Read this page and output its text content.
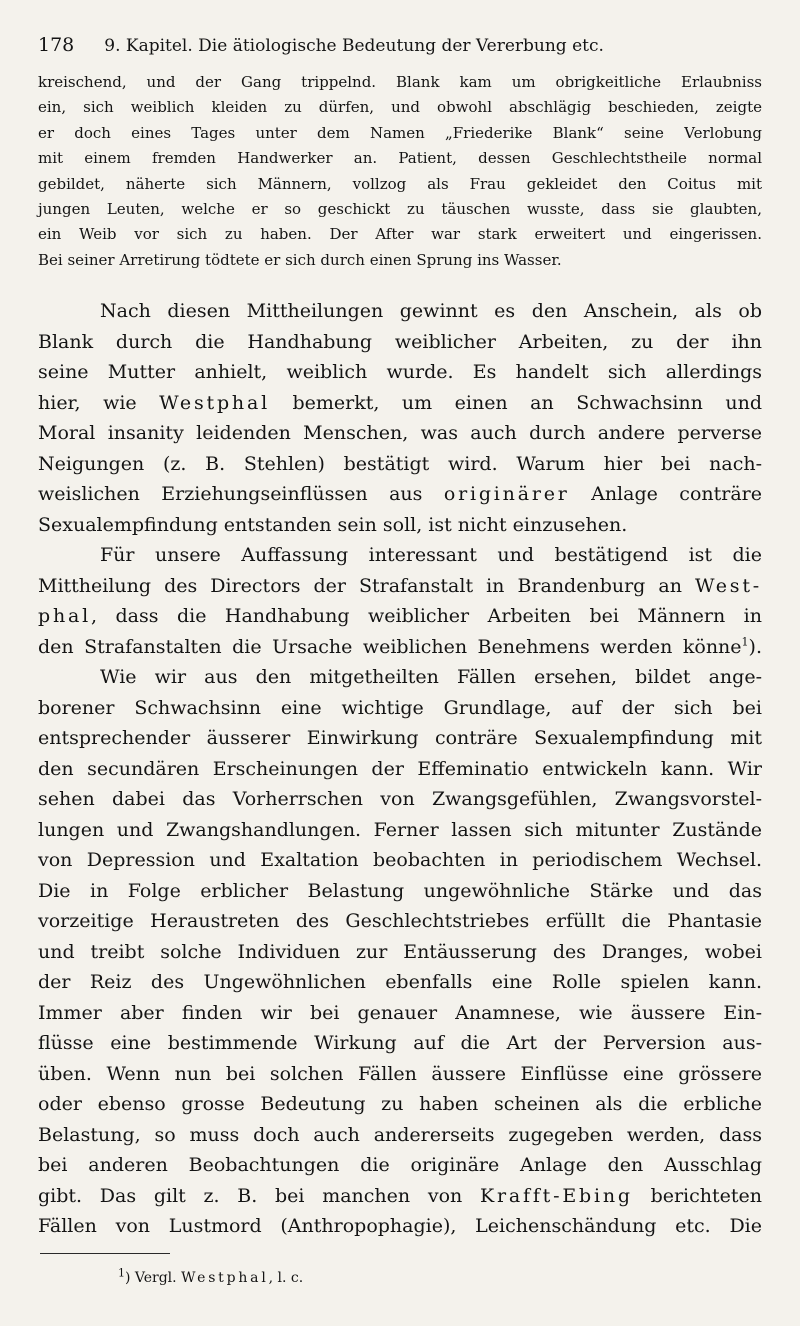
178 9. Kapitel. Die ätiologische Bedeutung der Vererbung etc.
kreischend, und der Gang trippelnd. Blank kam um obrigkeitliche Erlaubniss
ein, sich weiblich kleiden zu dürfen, und obwohl abschlägig beschieden, zeigte
er doch eines Tages unter dem Namen „Friederike Blank“ seine Verlobung
mit einem fremden Handwerker an. Patient, dessen Geschlechtstheile normal
gebildet, näherte sich Männern, vollzog als Frau gekleidet den Coitus mit
jungen Leuten, welche er so geschickt zu täuschen wusste, dass sie glaubten,
ein Weib vor sich zu haben. Der After war stark erweitert und eingerissen.
Bei seiner Arretirung tödtete er sich durch einen Sprung ins Wasser.
Nach diesen Mittheilungen gewinnt es den Anschein, als ob
Blank durch die Handhabung weiblicher Arbeiten, zu der ihn
seine Mutter anhielt, weiblich wurde. Es handelt sich allerdings
hier, wie Westphal bemerkt, um einen an Schwachsinn und
Moral insanity leidenden Menschen, was auch durch andere perverse
Neigungen (z. B. Stehlen) bestätigt wird. Warum hier bei nach-
weislichen Erziehungseinflüssen aus originärer Anlage conträre
Sexualempfindung entstanden sein soll, ist nicht einzusehen.
Für unsere Auffassung interessant und bestätigend ist die
Mittheilung des Directors der Strafanstalt in Brandenburg an West-
phal, dass die Handhabung weiblicher Arbeiten bei Männern in
den Strafanstalten die Ursache weiblichen Benehmens werden könne$^1$).
Wie wir aus den mitgetheilten Fällen ersehen, bildet ange-
borener Schwachsinn eine wichtige Grundlage, auf der sich bei
entsprechender äusserer Einwirkung conträre Sexualempfindung mit
den secundären Erscheinungen der Effeminatio entwickeln kann. Wir
sehen dabei das Vorherrschen von Zwangsgefühlen, Zwangsvorstel-
lungen und Zwangshandlungen. Ferner lassen sich mitunter Zustände
von Depression und Exaltation beobachten in periodischem Wechsel.
Die in Folge erblicher Belastung ungewöhnliche Stärke und das
vorzeitige Heraustreten des Geschlechtstriebes erfüllt die Phantasie
und treibt solche Individuen zur Entäusserung des Dranges, wobei
der Reiz des Ungewöhnlichen ebenfalls eine Rolle spielen kann.
Immer aber finden wir bei genauer Anamnese, wie äussere Ein-
flüsse eine bestimmende Wirkung auf die Art der Perversion aus-
üben. Wenn nun bei solchen Fällen äussere Einflüsse eine grössere
oder ebenso grosse Bedeutung zu haben scheinen als die erbliche
Belastung, so muss doch auch andererseits zugegeben werden, dass
bei anderen Beobachtungen die originäre Anlage den Ausschlag
gibt. Das gilt z. B. bei manchen von Krafft-Ebing berichteten
Fällen von Lustmord (Anthropophagie), Leichenschändung etc. Die
$^1$) Vergl. Westphal, l. c.
